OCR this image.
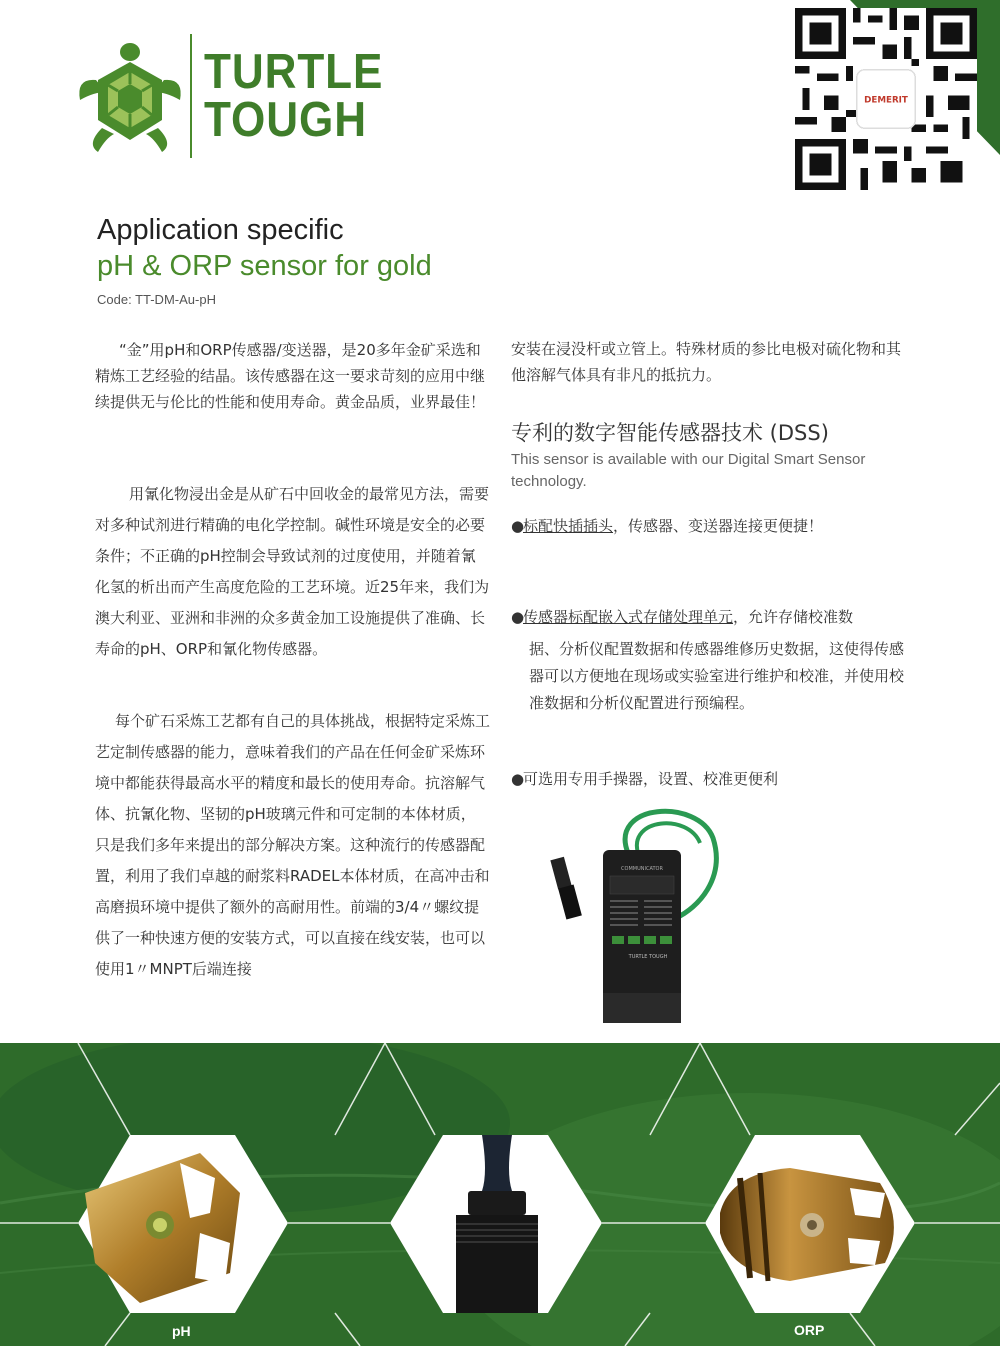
TURTLE
TOUGH	DEMERIT
Application specific
pH & ORP sensor for gold
Code: TT-DM-Au-pH
“金”用pH和ORP传感器/变送器，是20多年金矿采选和精炼工艺经验的结晶。该传感器在这一要求苛刻的应用中继续提供无与伦比的性能和使用寿命。黄金品质，业界最佳！
用氰化物浸出金是从矿石中回收金的最常见方法，需要对多种试剂进行精确的电化学控制。碱性环境是安全的必要条件；不正确的pH控制会导致试剂的过度使用，并随着氰化氢的析出而产生高度危险的工艺环境。近25年来，我们为澳大利亚、亚洲和非洲的众多黄金加工设施提供了准确、长寿命的pH、ORP和氰化物传感器。
每个矿石采炼工艺都有自己的具体挑战，根据特定采炼工艺定制传感器的能力，意味着我们的产品在任何金矿采炼环境中都能获得最高水平的精度和最长的使用寿命。抗溶解气体、抗氰化物、坚韧的pH玻璃元件和可定制的本体材质，只是我们多年来提出的部分解决方案。这种流行的传感器配置，利用了我们卓越的耐浆料RADEL本体材质，在高冲击和高磨损环境中提供了额外的高耐用性。前端的3/4〃螺纹提供了一种快速方便的安装方式，可以直接在线安装，也可以使用1〃MNPT后端连接
安装在浸没杆或立管上。特殊材质的参比电极对硫化物和其他溶解气体具有非凡的抵抗力。
专利的数字智能传感器技术 (DSS)
This sensor is available with our Digital Smart Sensor technology.
●标配快插插头，传感器、变送器连接更便捷！
●传感器标配嵌入式存储处理单元，允许存储校准数
据、分析仪配置数据和传感器维修历史数据，这使得传感器可以方便地在现场或实验室进行维护和校准，并使用校准数据和分析仪配置进行预编程。
●可选用专用手操器，设置、校准更便利
COMMUNICATOR
TURTLE TOUGH
pH	ORP
